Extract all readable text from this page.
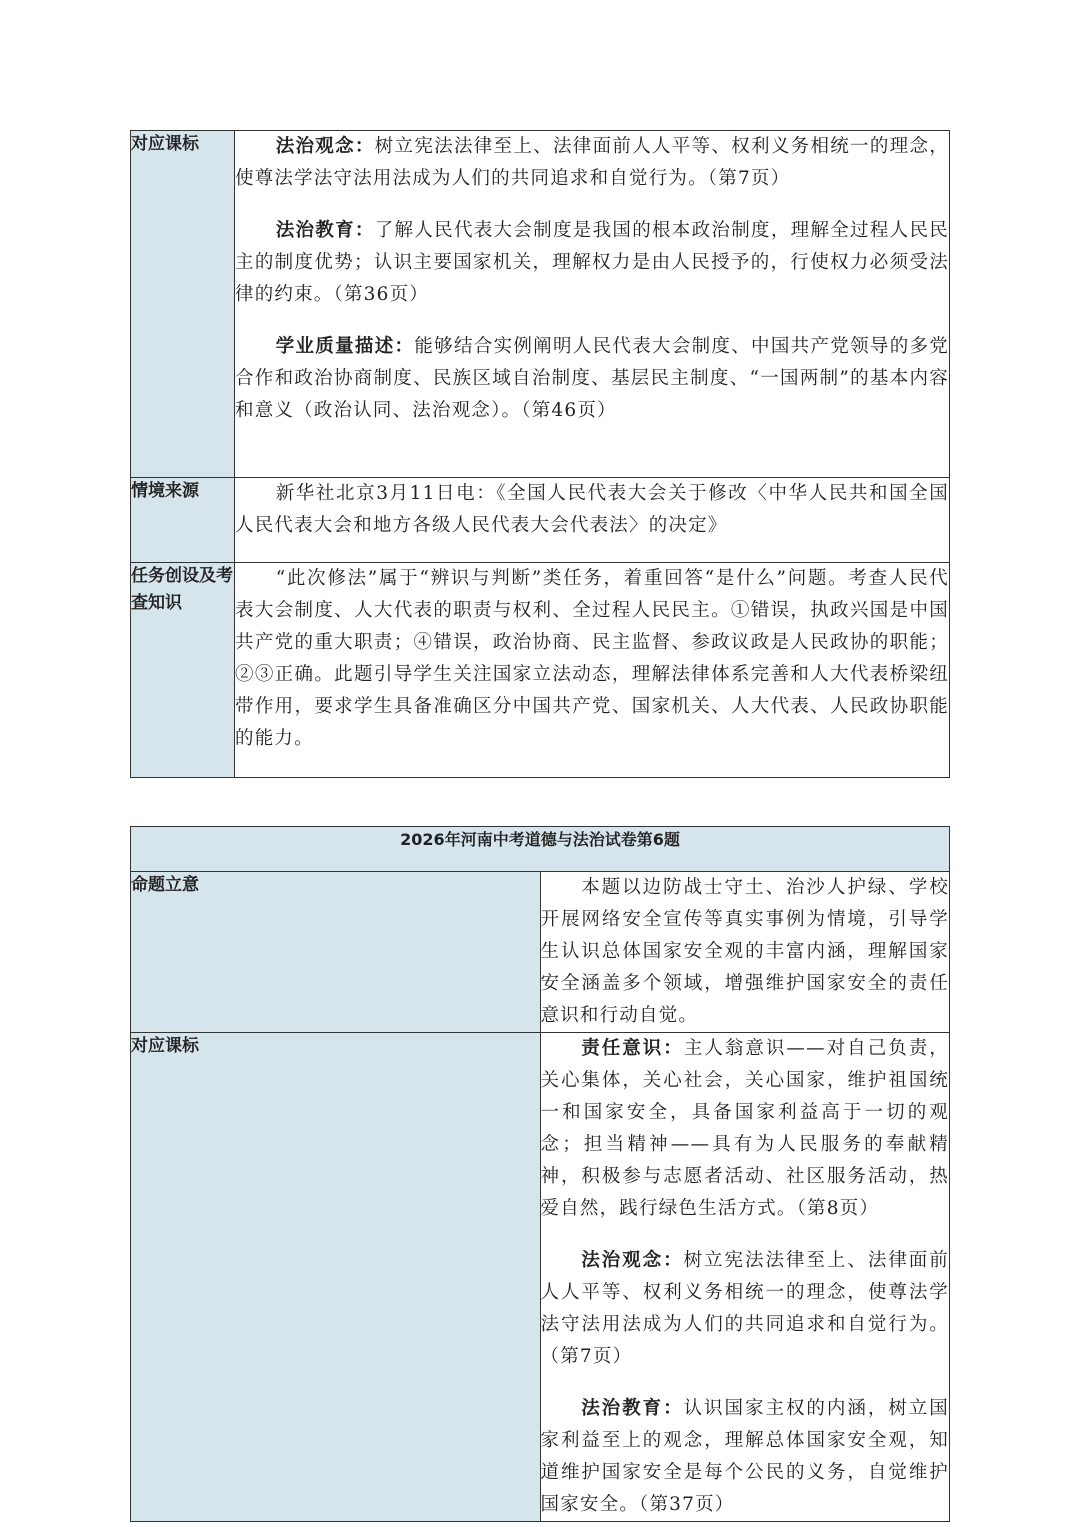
对应课标	法治观念：树立宪法法律至上、法律面前人人平等、权利义务相统一的理念，使尊法学法守法用法成为人们的共同追求和自觉行为。（第7页）

法治教育：了解人民代表大会制度是我国的根本政治制度，理解全过程人民民主的制度优势；认识主要国家机关，理解权力是由人民授予的，行使权力必须受法律的约束。（第36页）

学业质量描述：能够结合实例阐明人民代表大会制度、中国共产党领导的多党合作和政治协商制度、民族区域自治制度、基层民主制度、“一国两制”的基本内容和意义（政治认同、法治观念）。（第46页）

情境来源	新华社北京3月11日电：《全国人民代表大会关于修改〈中华人民共和国全国人民代表大会和地方各级人民代表大会代表法〉的决定》

任务创设及考查知识	“此次修法”属于“辨识与判断”类任务，着重回答“是什么”问题。考查人民代表大会制度、人大代表的职责与权利、全过程人民民主。①错误，执政兴国是中国共产党的重大职责；④错误，政治协商、民主监督、参政议政是人民政协的职能；②③正确。此题引导学生关注国家立法动态，理解法律体系完善和人大代表桥梁纽带作用，要求学生具备准确区分中国共产党、国家机关、人大代表、人民政协职能的能力。

2026年河南中考道德与法治试卷第6题	
命题立意	本题以边防战士守土、治沙人护绿、学校开展网络安全宣传等真实事例为情境，引导学生认识总体国家安全观的丰富内涵，理解国家安全涵盖多个领域，增强维护国家安全的责任意识和行动自觉。

对应课标	责任意识：主人翁意识——对自己负责，关心集体，关心社会，关心国家，维护祖国统一和国家安全，具备国家利益高于一切的观念；担当精神——具有为人民服务的奉献精神，积极参与志愿者活动、社区服务活动，热爱自然，践行绿色生活方式。（第8页）

法治观念：树立宪法法律至上、法律面前人人平等、权利义务相统一的理念，使尊法学法守法用法成为人们的共同追求和自觉行为。（第7页）

法治教育：认识国家主权的内涵，树立国家利益至上的观念，理解总体国家安全观，知道维护国家安全是每个公民的义务，自觉维护国家安全。（第37页）
